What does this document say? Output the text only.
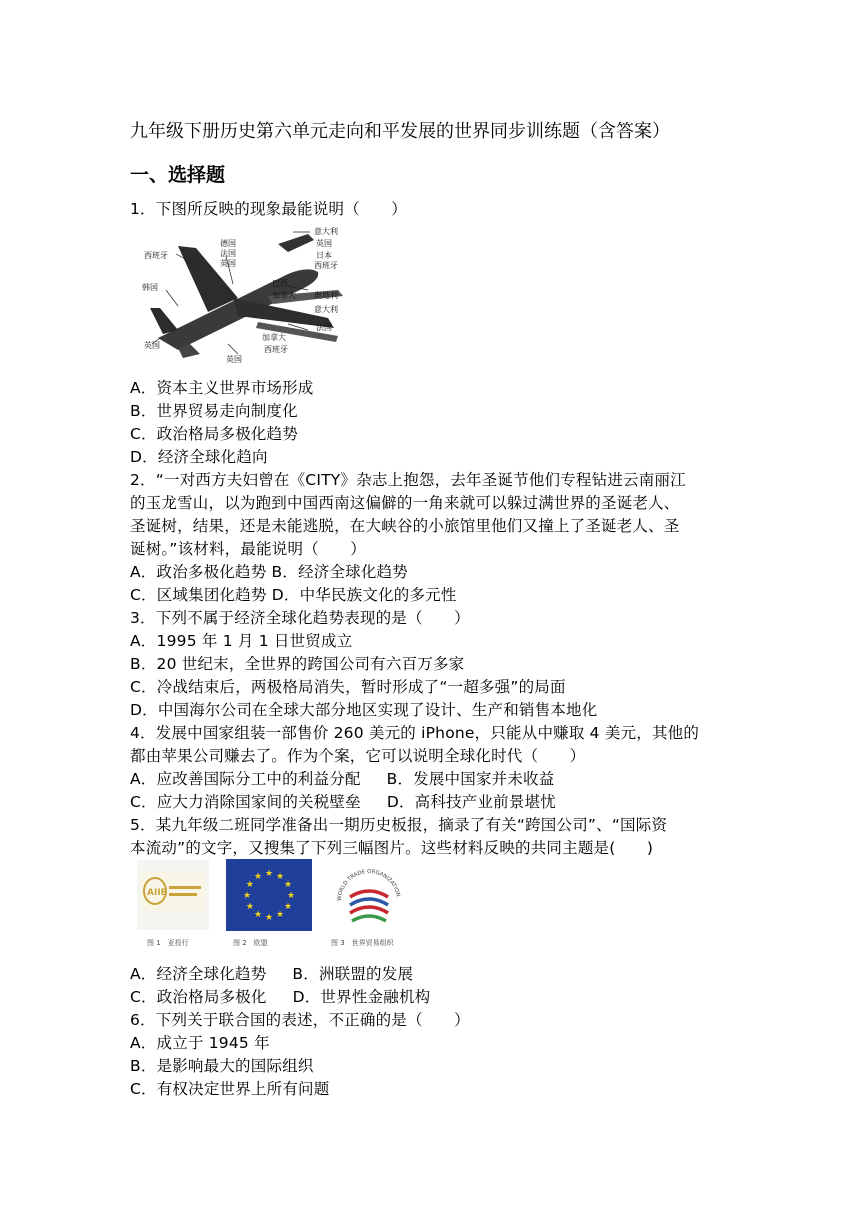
九年级下册历史第六单元走向和平发展的世界同步训练题（含答案）
一、选择题
1．下图所反映的现象最能说明（　　）
西班牙
德国
法国
英国
意大利
英国
日本
西班牙
韩国	巴西
加拿大 奥地利
意大利
法国
加拿大
西班牙
英国
英国
A．资本主义世界市场形成
B．世界贸易走向制度化
C．政治格局多极化趋势
D．经济全球化趋向
2．“一对西方夫妇曾在《CITY》杂志上抱怨，去年圣诞节他们专程钻进云南丽江
的玉龙雪山，以为跑到中国西南这偏僻的一角来就可以躲过满世界的圣诞老人、
圣诞树，结果，还是未能逃脱，在大峡谷的小旅馆里他们又撞上了圣诞老人、圣
诞树。”该材料，最能说明（　　）
A．政治多极化趋势 B．经济全球化趋势
C．区域集团化趋势 D．中华民族文化的多元性
3．下列不属于经济全球化趋势表现的是（　　）
A．1995 年 1 月 1 日世贸成立
B．20 世纪末，全世界的跨国公司有六百万多家
C．冷战结束后，两极格局消失，暂时形成了“一超多强”的局面
D．中国海尔公司在全球大部分地区实现了设计、生产和销售本地化
4．发展中国家组装一部售价 260 美元的 iPhone，只能从中赚取 4 美元，其他的
都由苹果公司赚去了。作为个案，它可以说明全球化时代（　　）
A．应改善国际分工中的利益分配 B．发展中国家并未收益
C．应大力消除国家间的关税壁垒 D．高科技产业前景堪忧
5．某九年级二班同学准备出一期历史板报，摘录了有关“跨国公司”、“国际资
本流动”的文字，又搜集了下列三幅图片。这些材料反映的共同主题是(　　)
AIIB
★ ★
★
★
★
★
★
★
★
★
★
★
WORLD TRADE ORGANIZATION
图 1　亚投行	图 2　欧盟	图 3　世界贸易组织
A．经济全球化趋势 B．洲联盟的发展
C．政治格局多极化 D．世界性金融机构
6．下列关于联合国的表述，不正确的是（　　）
A．成立于 1945 年
B．是影响最大的国际组织
C．有权决定世界上所有问题
